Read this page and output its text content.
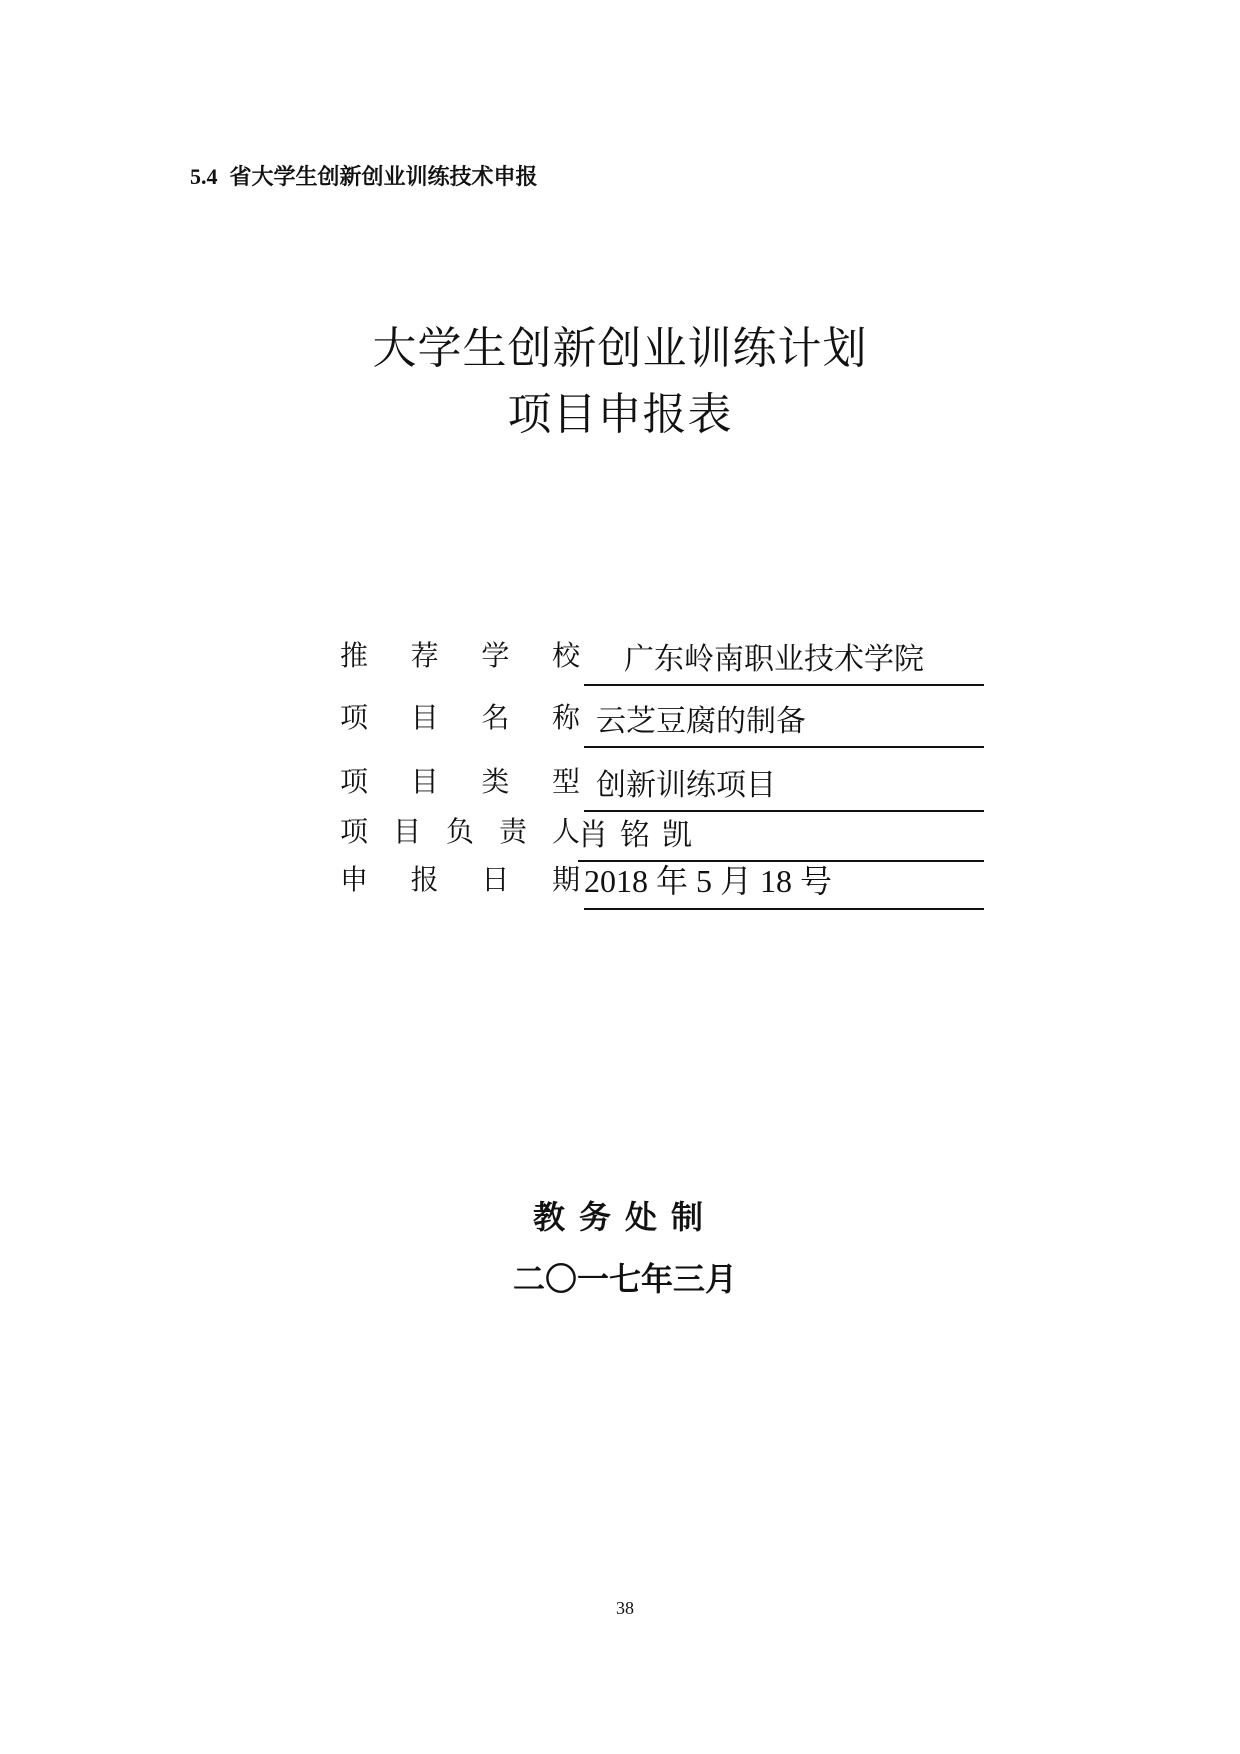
5.4 省大学生创新创业训练技术申报
大学生创新创业训练计划
项目申报表
推 荐 学 校 广东岭南职业技术学院
项 目 名 称 云芝豆腐的制备
项 目 类 型 创新训练项目
项 目 负 责 人
肖铭凯
申 报 日 期 2018 年 5 月 18 号
教务处制
二〇一七年三月
38
